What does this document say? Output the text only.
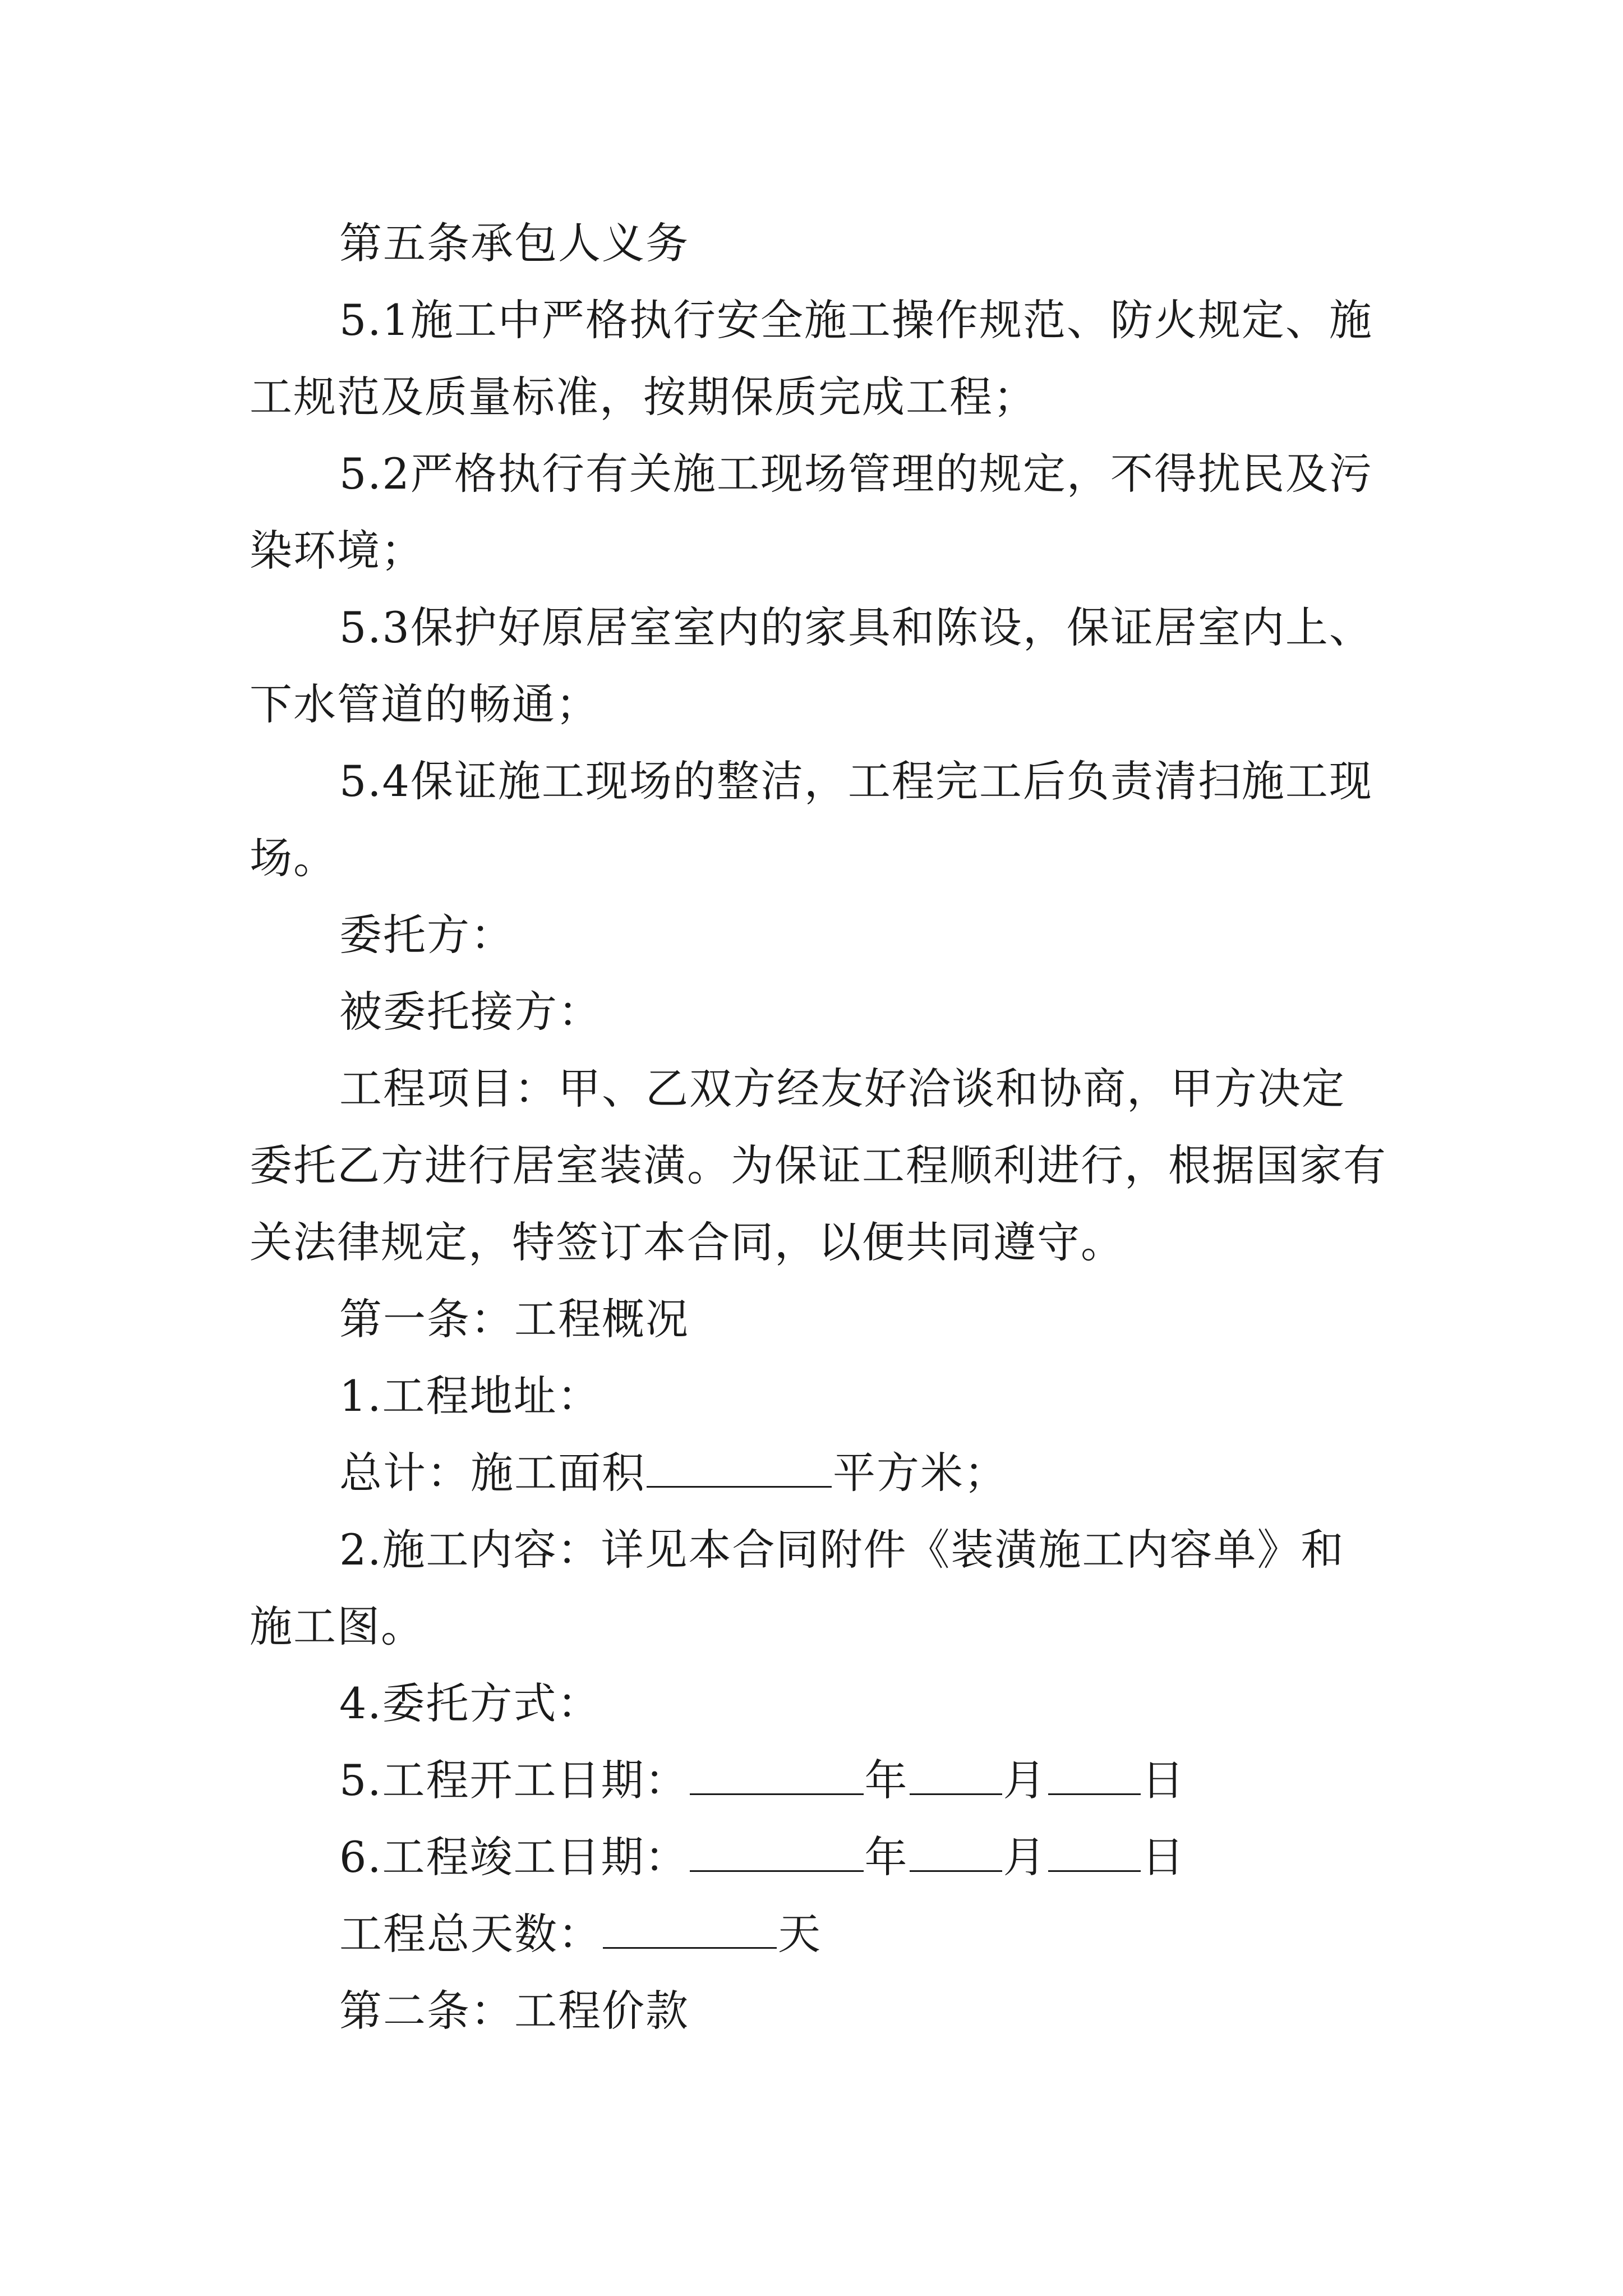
第五条承包人义务

5.1施工中严格执行安全施工操作规范、防火规定、施工规范及质量标准，按期保质完成工程；

5.2严格执行有关施工现场管理的规定，不得扰民及污染环境；

5.3保护好原居室室内的家具和陈设，保证居室内上、下水管道的畅通；

5.4保证施工现场的整洁，工程完工后负责清扫施工现场。

委托方：

被委托接方：

工程项目：甲、乙双方经友好洽谈和协商，甲方决定委托乙方进行居室装潢。为保证工程顺利进行，根据国家有关法律规定，特签订本合同，以便共同遵守。

第一条：工程概况

1.工程地址：

总计：施工面积	平方米；

2.施工内容：详见本合同附件《装潢施工内容单》和施工图。

4.委托方式：

5.工程开工日期：	年 月 日

6.工程竣工日期：	年 月 日

工程总天数：	天

第二条：工程价款
